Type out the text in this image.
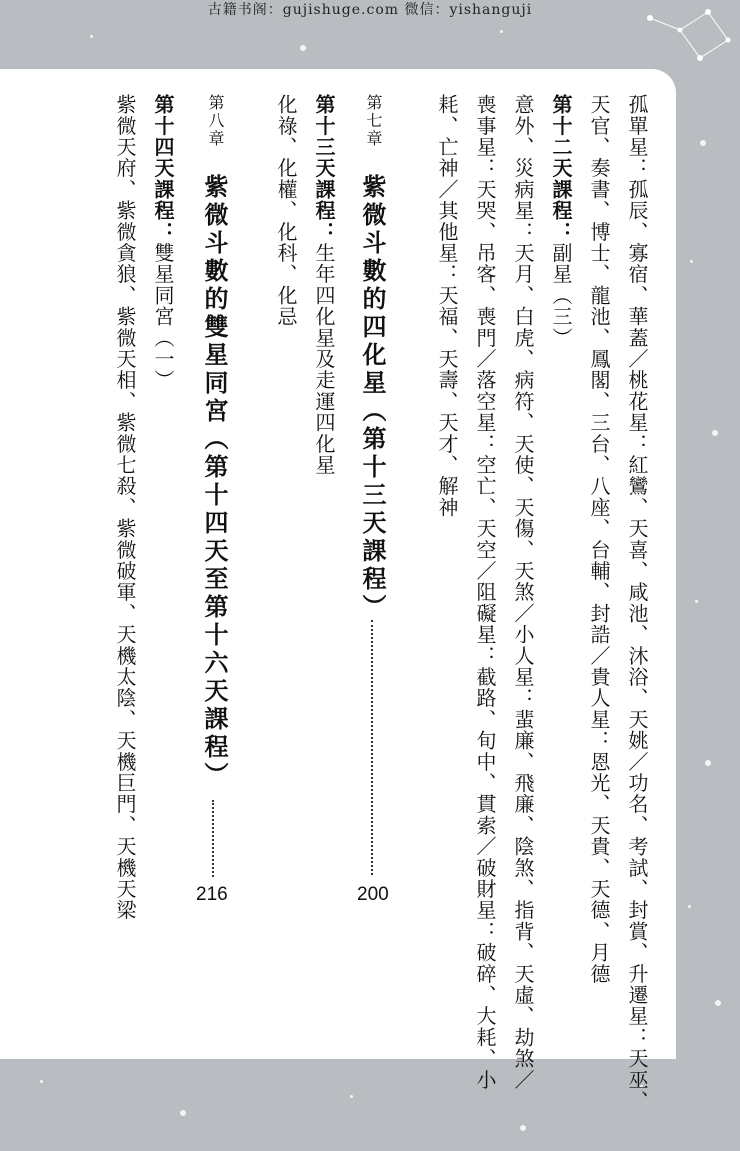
古籍书阁：gujishuge.com 微信：yishanguji
孤單星：孤辰、寡宿、華蓋／桃花星：紅鸞、天喜、咸池、沐浴、天姚／功名、考試、封賞、升遷星：天巫、
天官、奏書、博士、龍池、鳳閣、三台、八座、台輔、封誥／貴人星：恩光、天貴、天德、月德
第十二天課程：副星（三）
意外、災病星：天月、白虎、病符、天使、天傷、天煞／小人星：蜚廉、飛廉、陰煞、指背、天虛、劫煞／
喪事星：天哭、吊客、喪門／落空星：空亡、天空／阻礙星：截路、旬中、貫索／破財星：破碎、大耗、小
耗、亡神／其他星：天福、天壽、天才、解神
第七章
紫微斗數的四化星（第十三天課程）
200
第十三天課程：生年四化星及走運四化星
化祿、化權、化科、化忌
第八章
紫微斗數的雙星同宮（第十四天至第十六天課程）
216
第十四天課程：雙星同宮（一）
紫微天府、紫微貪狼、紫微天相、紫微七殺、紫微破軍、天機太陰、天機巨門、天機天梁
